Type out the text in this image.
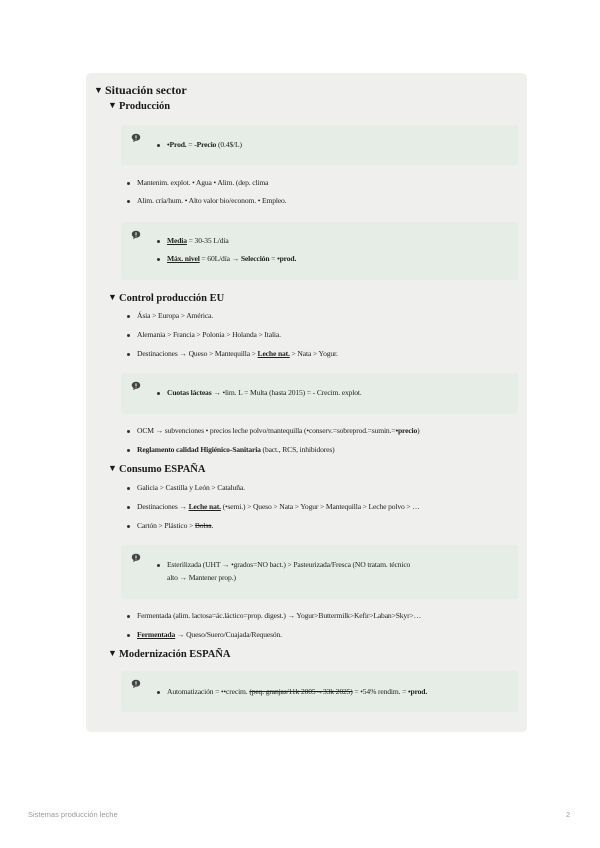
▼ Situación sector
▼ Producción
•Prod. = -Precio (0.4$/L)
Mantenim. explot. • Agua • Alim. (dep. clima
Alim. cría/hum. • Alto valor bio/econom. • Empleo.
Media = 30-35 L/día
Máx. nivel = 60L/día → Selección = •prod.
▼ Control producción EU
Ásia > Europa > América.
Alemania > Francia > Polonia > Holanda > Italia.
Destinaciones → Queso > Mantequilla > Leche nat. > Nata > Yogur.
Cuotas lácteas → •lim. L = Multa (hasta 2015) = - Crecim. explot.
OCM → subvenciones • precios leche polvo/mantequilla (•conserv.=sobreprod.=sumin.=•precio)
Reglamento calidad Higiénico-Sanitaria (bact., RCS, inhibidores)
▼ Consumo ESPAÑA
Galicia > Castilla y León > Cataluña.
Destinaciones → Leche nat. (•semi.) > Queso > Nata > Yogur > Mantequilla > Leche polvo > …
Cartón > Plástico > Bolsa.
Esterilizada (UHT → •grados=NO bact.) > Pasteurizada/Fresca (NO tratam. técnico
alto → Mantener prop.)
Fermentada (alim. lactosa=ác.láctico=prop. digest.) → Yogur>Buttermilk>Kefir>Laban>Skyr>…
Fermentada → Queso/Suero/Cuajada/Requesón.
▼ Modernización ESPAÑA
Automatización = ••crecim. (peq. granjas/11k 2005→33k 2025) = •54% rendim. = •prod.
Sistemas producción leche	2
